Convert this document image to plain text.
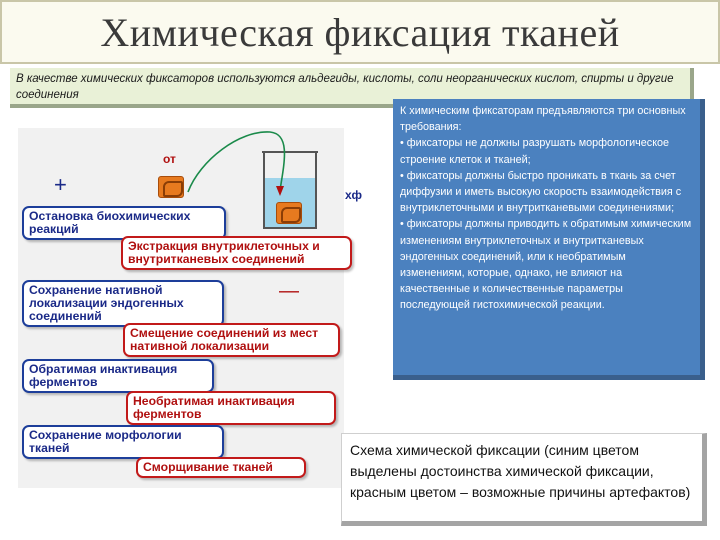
Химическая фиксация тканей
В качестве химических фиксаторов используются альдегиды, кислоты, соли неорганических кислот, спирты и другие соединения
+
от
хф
Остановка биохимических реакций
Экстракция внутриклеточных и внутритканевых соединений
Сохранение нативной локализации эндогенных соединений
—
Смещение соединений из мест нативной локализации
Обратимая инактивация ферментов
Необратимая инактивация ферментов
Сохранение морфологии тканей
Сморщивание тканей

К химическим фиксаторам предъявляются три основных требования:
• фиксаторы не должны разрушать морфологическое
строение клеток и тканей;
• фиксаторы должны быстро проникать в ткань за счет диффузии и иметь высокую скорость взаимодействия с внутриклеточными и внутритканевыми соединениями;
• фиксаторы должны приводить к обратимым химическим изменениям внутриклеточных и внутритканевых эндогенных соединений, или к необратимым изменениям, которые, однако, не влияют на качественные и количественные параметры
последующей гистохимической реакции.

Схема химической фиксации (синим цветом выделены достоинства химической фиксации, красным цветом – возможные причины артефактов)
